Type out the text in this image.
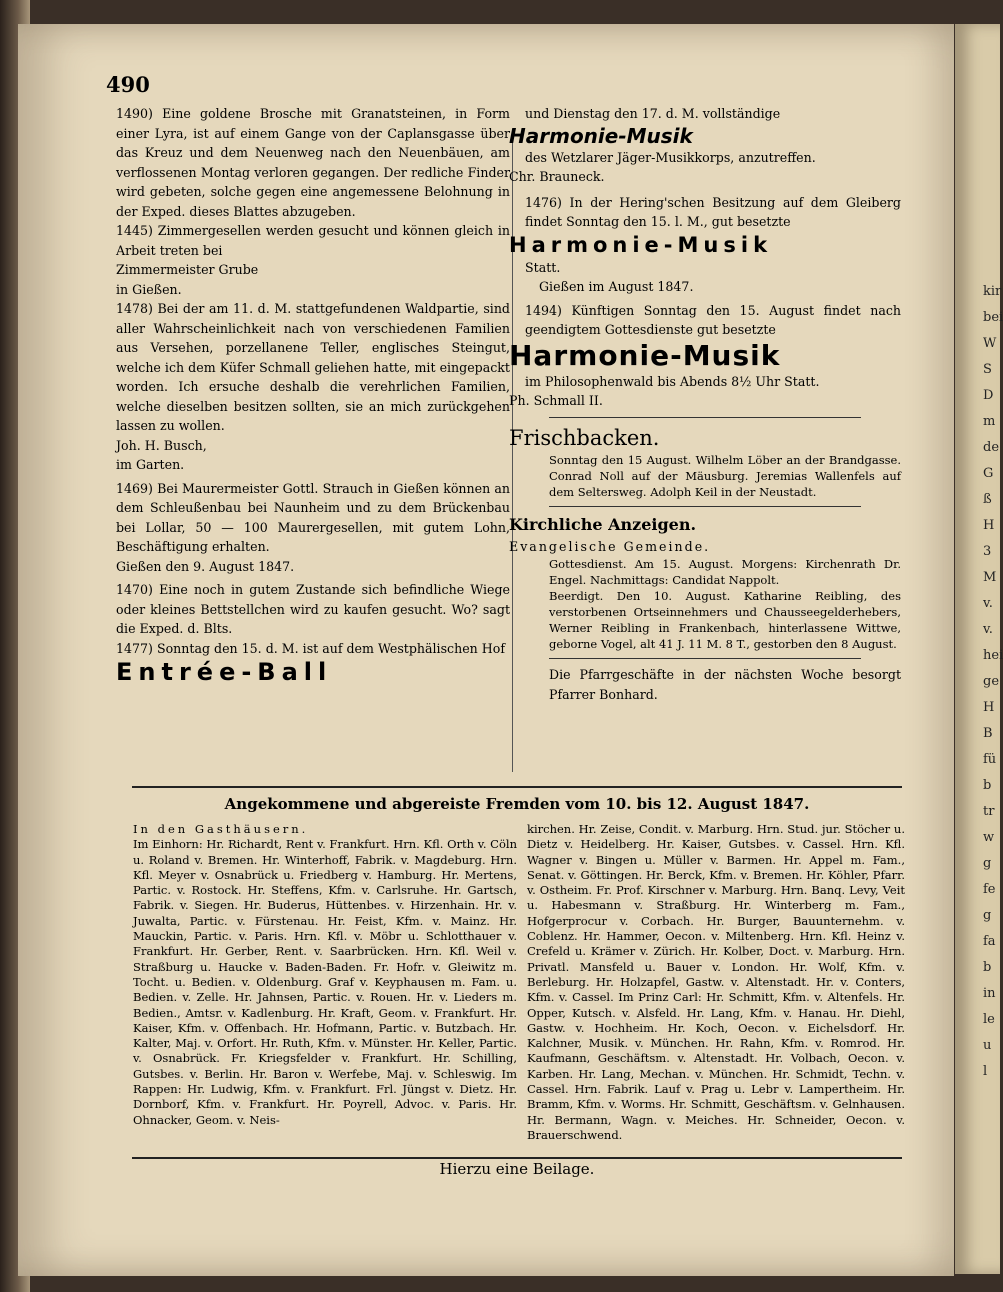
kir
bei
W
S
D
m
de
G
ß
H
3
M
v.
v.
hei
ge
H
B
fü
b
tr
w
g
fe
g
fa
b
in
le
u
l
490

1490) Eine goldene Brosche mit Granatsteinen, in Form einer Lyra, ist auf einem Gange von der Caplansgasse über das Kreuz und dem Neuenweg nach den Neuenbäuen, am verflossenen Montag verloren gegangen. Der redliche Finder wird gebeten, solche gegen eine angemessene Belohnung in der Exped. dieses Blattes abzugeben.

1445) Zimmergesellen werden gesucht und können gleich in Arbeit treten bei

Zimmermeister Grube

in Gießen.

1478) Bei der am 11. d. M. stattgefundenen Waldpartie, sind aller Wahrscheinlichkeit nach von verschiedenen Familien aus Versehen, porzellanene Teller, englisches Steingut, welche ich dem Küfer Schmall geliehen hatte, mit eingepackt worden. Ich ersuche deshalb die verehrlichen Familien, welche dieselben besitzen sollten, sie an mich zurückgehen lassen zu wollen.

Joh. H. Busch,

im Garten.

1469) Bei Maurermeister Gottl. Strauch in Gießen können an dem Schleußenbau bei Naunheim und zu dem Brückenbau bei Lollar, 50 — 100 Maurergesellen, mit gutem Lohn, Beschäftigung erhalten.

Gießen den 9. August 1847.

1470) Eine noch in gutem Zustande sich befindliche Wiege oder kleines Bettstellchen wird zu kaufen gesucht. Wo? sagt die Exped. d. Blts.

1477) Sonntag den 15. d. M. ist auf dem Westphälischen Hof

Entrée-Ball

und Dienstag den 17. d. M. vollständige

Harmonie-Musik

des Wetzlarer Jäger-Musikkorps, anzutreffen.

Chr. Brauneck.

1476) In der Hering'schen Besitzung auf dem Gleiberg findet Sonntag den 15. l. M., gut besetzte

Harmonie-Musik

Statt.

Gießen im August 1847.

1494) Künftigen Sonntag den 15. August findet nach geendigtem Gottesdienste gut besetzte

Harmonie-Musik

im Philosophenwald bis Abends 8½ Uhr Statt.

Ph. Schmall II.

Frischbacken.

Sonntag den 15 August. Wilhelm Löber an der Brandgasse. Conrad Noll auf der Mäusburg. Jeremias Wallenfels auf dem Seltersweg. Adolph Keil in der Neustadt.

Kirchliche Anzeigen.

Evangelische Gemeinde.

Gottesdienst. Am 15. August. Morgens: Kirchenrath Dr. Engel. Nachmittags: Candidat Nappolt.

Beerdigt. Den 10. August. Katharine Reibling, des verstorbenen Ortseinnehmers und Chausseegelderhebers, Werner Reibling in Frankenbach, hinterlassene Wittwe, geborne Vogel, alt 41 J. 11 M. 8 T., gestorben den 8 August.

Die Pfarrgeschäfte in der nächsten Woche besorgt Pfarrer Bonhard.

Angekommene und abgereiste Fremden vom 10. bis 12. August 1847.

In den Gasthäusern.

Im Einhorn: Hr. Richardt, Rent v. Frankfurt. Hrn. Kfl. Orth v. Cöln u. Roland v. Bremen. Hr. Winterhoff, Fabrik. v. Magdeburg. Hrn. Kfl. Meyer v. Osnabrück u. Friedberg v. Hamburg. Hr. Mertens, Partic. v. Rostock. Hr. Steffens, Kfm. v. Carlsruhe. Hr. Gartsch, Fabrik. v. Siegen. Hr. Buderus, Hüttenbes. v. Hirzenhain. Hr. v. Juwalta, Partic. v. Fürstenau. Hr. Feist, Kfm. v. Mainz. Hr. Mauckin, Partic. v. Paris. Hrn. Kfl. v. Möbr u. Schlotthauer v. Frankfurt. Hr. Gerber, Rent. v. Saarbrücken. Hrn. Kfl. Weil v. Straßburg u. Haucke v. Baden-Baden. Fr. Hofr. v. Gleiwitz m. Tocht. u. Bedien. v. Oldenburg. Graf v. Keyphausen m. Fam. u. Bedien. v. Zelle. Hr. Jahnsen, Partic. v. Rouen. Hr. v. Lieders m. Bedien., Amtsr. v. Kadlenburg. Hr. Kraft, Geom. v. Frankfurt. Hr. Kaiser, Kfm. v. Offenbach. Hr. Hofmann, Partic. v. Butzbach. Hr. Kalter, Maj. v. Orfort. Hr. Ruth, Kfm. v. Münster. Hr. Keller, Partic. v. Osnabrück. Fr. Kriegsfelder v. Frankfurt. Hr. Schilling, Gutsbes. v. Berlin. Hr. Baron v. Werfebe, Maj. v. Schleswig. Im Rappen: Hr. Ludwig, Kfm. v. Frankfurt. Frl. Jüngst v. Dietz. Hr. Dornborf, Kfm. v. Frankfurt. Hr. Poyrell, Advoc. v. Paris. Hr. Ohnacker, Geom. v. Neis-

kirchen. Hr. Zeise, Condit. v. Marburg. Hrn. Stud. jur. Stöcher u. Dietz v. Heidelberg. Hr. Kaiser, Gutsbes. v. Cassel. Hrn. Kfl. Wagner v. Bingen u. Müller v. Barmen. Hr. Appel m. Fam., Senat. v. Göttingen. Hr. Berck, Kfm. v. Bremen. Hr. Köhler, Pfarr. v. Ostheim. Fr. Prof. Kirschner v. Marburg. Hrn. Banq. Levy, Veit u. Habesmann v. Straßburg. Hr. Winterberg m. Fam., Hofgerprocur v. Corbach. Hr. Burger, Bauunternehm. v. Coblenz. Hr. Hammer, Oecon. v. Miltenberg. Hrn. Kfl. Heinz v. Crefeld u. Krämer v. Zürich. Hr. Kolber, Doct. v. Marburg. Hrn. Privatl. Mansfeld u. Bauer v. London. Hr. Wolf, Kfm. v. Berleburg. Hr. Holzapfel, Gastw. v. Altenstadt. Hr. v. Conters, Kfm. v. Cassel. Im Prinz Carl: Hr. Schmitt, Kfm. v. Altenfels. Hr. Opper, Kutsch. v. Alsfeld. Hr. Lang, Kfm. v. Hanau. Hr. Diehl, Gastw. v. Hochheim. Hr. Koch, Oecon. v. Eichelsdorf. Hr. Kalchner, Musik. v. München. Hr. Rahn, Kfm. v. Romrod. Hr. Kaufmann, Geschäftsm. v. Altenstadt. Hr. Volbach, Oecon. v. Karben. Hr. Lang, Mechan. v. München. Hr. Schmidt, Techn. v. Cassel. Hrn. Fabrik. Lauf v. Prag u. Lebr v. Lampertheim. Hr. Bramm, Kfm. v. Worms. Hr. Schmitt, Geschäftsm. v. Gelnhausen. Hr. Bermann, Wagn. v. Meiches. Hr. Schneider, Oecon. v. Brauerschwend.

Hierzu eine Beilage.
